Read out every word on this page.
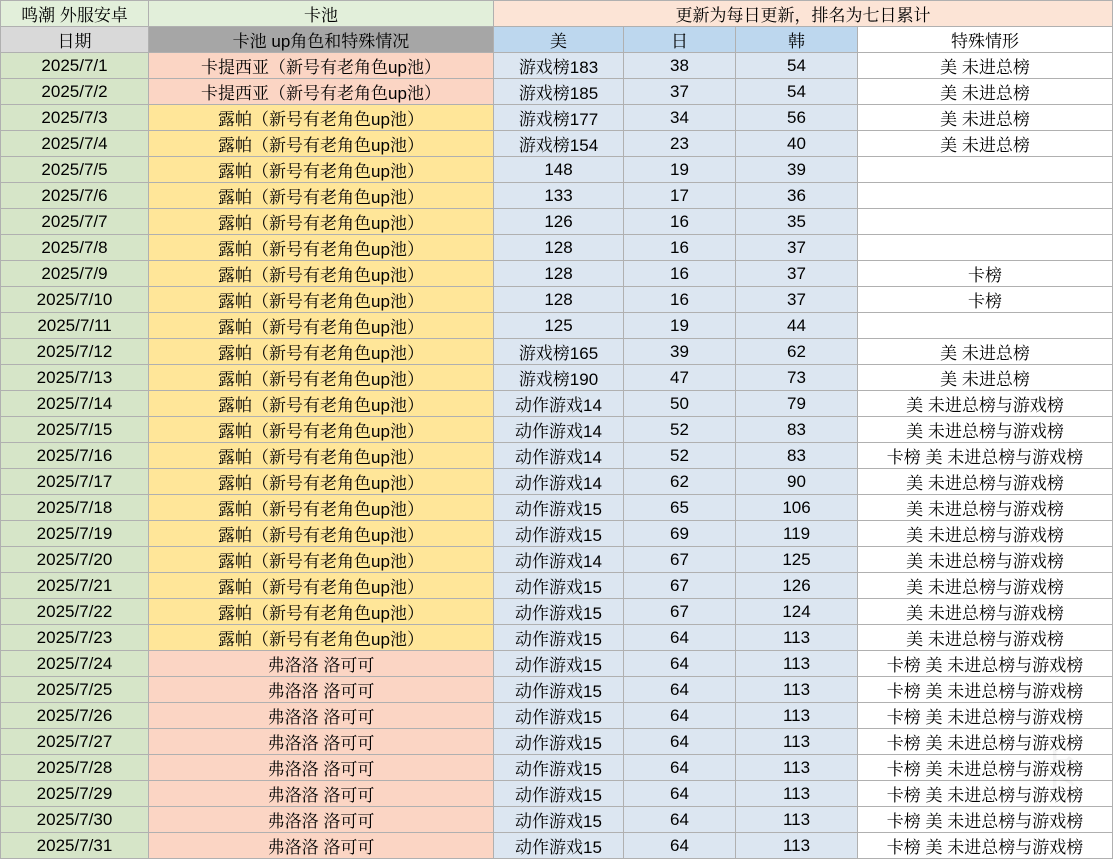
鸣潮 外服安卓	卡池	更新为每日更新，排名为七日累计			
日期	卡池 up角色和特殊情况	美	日	韩	特殊情形
2025/7/1	卡提西亚（新号有老角色up池）	游戏榜183	38	54	美 未进总榜
2025/7/2	卡提西亚（新号有老角色up池）	游戏榜185	37	54	美 未进总榜
2025/7/3	露帕（新号有老角色up池）	游戏榜177	34	56	美 未进总榜
2025/7/4	露帕（新号有老角色up池）	游戏榜154	23	40	美 未进总榜
2025/7/5	露帕（新号有老角色up池）	148	19	39	
2025/7/6	露帕（新号有老角色up池）	133	17	36	
2025/7/7	露帕（新号有老角色up池）	126	16	35	
2025/7/8	露帕（新号有老角色up池）	128	16	37	
2025/7/9	露帕（新号有老角色up池）	128	16	37	卡榜
2025/7/10	露帕（新号有老角色up池）	128	16	37	卡榜
2025/7/11	露帕（新号有老角色up池）	125	19	44	
2025/7/12	露帕（新号有老角色up池）	游戏榜165	39	62	美 未进总榜
2025/7/13	露帕（新号有老角色up池）	游戏榜190	47	73	美 未进总榜
2025/7/14	露帕（新号有老角色up池）	动作游戏14	50	79	美 未进总榜与游戏榜
2025/7/15	露帕（新号有老角色up池）	动作游戏14	52	83	美 未进总榜与游戏榜
2025/7/16	露帕（新号有老角色up池）	动作游戏14	52	83	卡榜 美 未进总榜与游戏榜
2025/7/17	露帕（新号有老角色up池）	动作游戏14	62	90	美 未进总榜与游戏榜
2025/7/18	露帕（新号有老角色up池）	动作游戏15	65	106	美 未进总榜与游戏榜
2025/7/19	露帕（新号有老角色up池）	动作游戏15	69	119	美 未进总榜与游戏榜
2025/7/20	露帕（新号有老角色up池）	动作游戏14	67	125	美 未进总榜与游戏榜
2025/7/21	露帕（新号有老角色up池）	动作游戏15	67	126	美 未进总榜与游戏榜
2025/7/22	露帕（新号有老角色up池）	动作游戏15	67	124	美 未进总榜与游戏榜
2025/7/23	露帕（新号有老角色up池）	动作游戏15	64	113	美 未进总榜与游戏榜
2025/7/24	弗洛洛 洛可可	动作游戏15	64	113	卡榜 美 未进总榜与游戏榜
2025/7/25	弗洛洛 洛可可	动作游戏15	64	113	卡榜 美 未进总榜与游戏榜
2025/7/26	弗洛洛 洛可可	动作游戏15	64	113	卡榜 美 未进总榜与游戏榜
2025/7/27	弗洛洛 洛可可	动作游戏15	64	113	卡榜 美 未进总榜与游戏榜
2025/7/28	弗洛洛 洛可可	动作游戏15	64	113	卡榜 美 未进总榜与游戏榜
2025/7/29	弗洛洛 洛可可	动作游戏15	64	113	卡榜 美 未进总榜与游戏榜
2025/7/30	弗洛洛 洛可可	动作游戏15	64	113	卡榜 美 未进总榜与游戏榜
2025/7/31	弗洛洛 洛可可	动作游戏15	64	113	卡榜 美 未进总榜与游戏榜
